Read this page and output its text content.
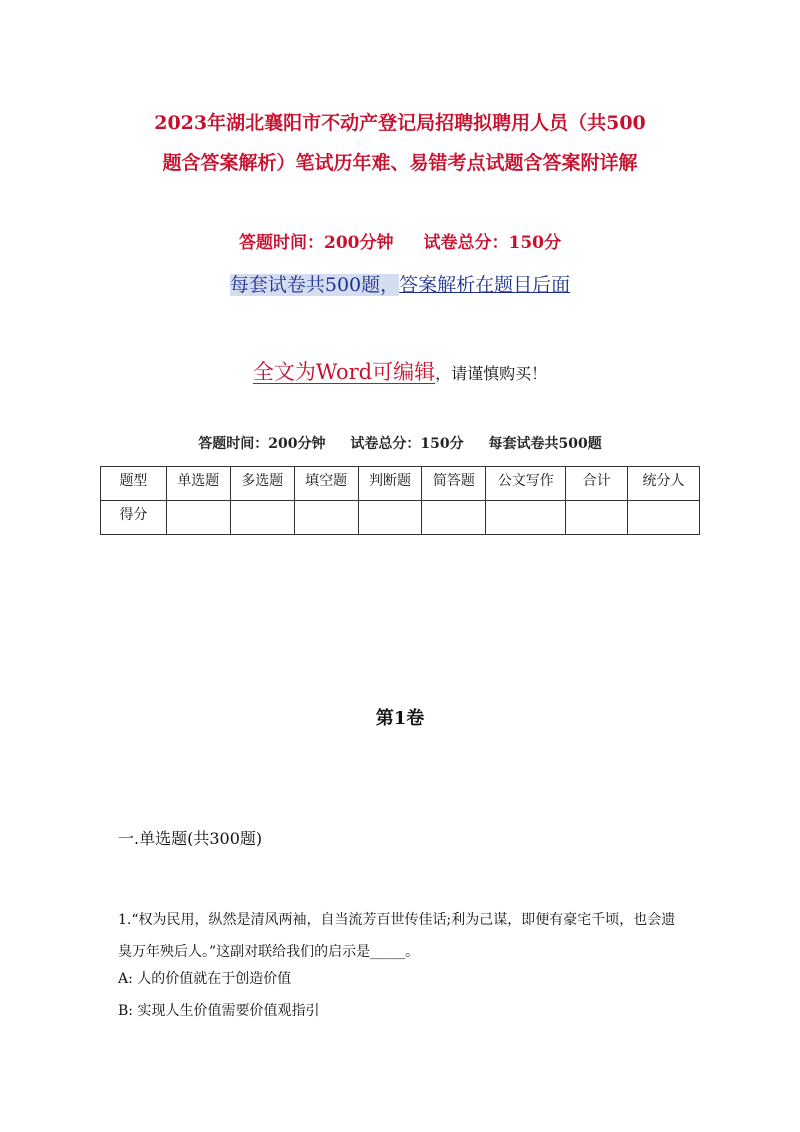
2023年湖北襄阳市不动产登记局招聘拟聘用人员（共500
题含答案解析）笔试历年难、易错考点试题含答案附详解
答题时间：200分钟 试卷总分：150分
每套试卷共500题，答案解析在题目后面
全文为Word可编辑，请谨慎购买！
答题时间：200分钟 试卷总分：150分 每套试卷共500题
题型	单选题	多选题	填空题	判断题	简答题	公文写作	合计	统分人
得分								
第1卷
一.单选题(共300题)
1.“权为民用，纵然是清风两袖，自当流芳百世传佳话;利为己谋，即便有豪宅千顷，也会遗臭万年殃后人。”这副对联给我们的启示是_____。
A: 人的价值就在于创造价值
B: 实现人生价值需要价值观指引
